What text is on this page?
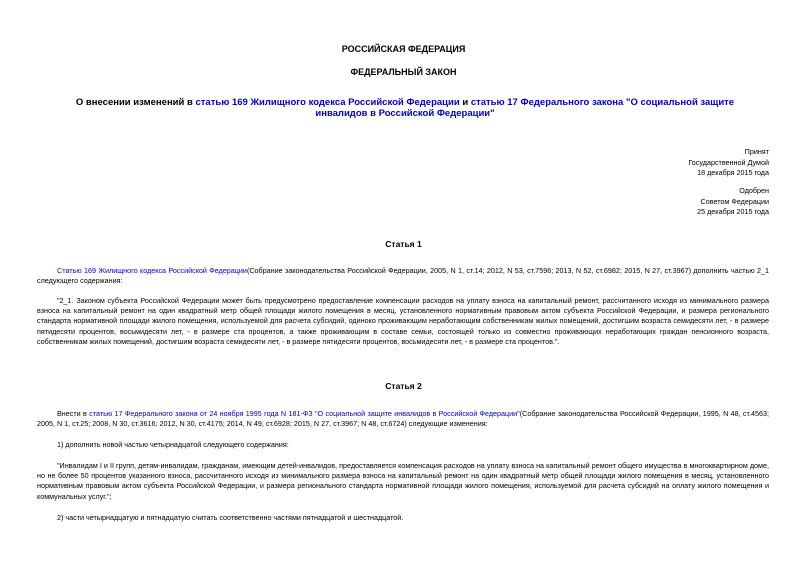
РОССИЙСКАЯ ФЕДЕРАЦИЯ
ФЕДЕРАЛЬНЫЙ ЗАКОН
О внесении изменений в статью 169 Жилищного кодекса Российской Федерации и статью 17 Федерального закона "О социальной защите инвалидов в Российской Федерации"
Принят
Государственной Думой
18 декабря 2015 года
Одобрен
Советом Федерации
25 декабря 2015 года
Статья 1
Статью 169 Жилищного кодекса Российской Федерации(Собрание законодательства Российской Федерации, 2005, N 1, ст.14; 2012, N 53, ст.7596; 2013, N 52, ст.6982; 2015, N 27, ст.3967) дополнить частью 2_1 следующего содержания:
"2_1. Законом субъекта Российской Федерации может быть предусмотрено предоставление компенсации расходов на уплату взноса на капитальный ремонт, рассчитанного исходя из минимального размера взноса на капитальный ремонт на один квадратный метр общей площади жилого помещения в месяц, установленного нормативным правовым актом субъекта Российской Федерации, и размера регионального стандарта нормативной площади жилого помещения, используемой для расчета субсидий, одиноко проживающим неработающим собственникам жилых помещений, достигшим возраста семидесяти лет, - в размере пятидесяти процентов, восьмидесяти лет, - в размере ста процентов, а также проживающим в составе семьи, состоящей только из совместно проживающих неработающих граждан пенсионного возраста, собственникам жилых помещений, достигшим возраста семидесяти лет, - в размере пятидесяти процентов, восьмидесяти лет, - в размере ста процентов.".
Статья 2
Внести в статью 17 Федерального закона от 24 ноября 1995 года N 181-ФЗ "О социальной защите инвалидов в Российской Федерации"(Собрание законодательства Российской Федерации, 1995, N 48, ст.4563; 2005, N 1, ст.25; 2008, N 30, ст.3616; 2012, N 30, ст.4175; 2014, N 49, ст.6928; 2015, N 27, ст.3967; N 48, ст.6724) следующие изменения:
1) дополнить новой частью четырнадцатой следующего содержания:
"Инвалидам I и II групп, детям-инвалидам, гражданам, имеющим детей-инвалидов, предоставляется компенсация расходов на уплату взноса на капитальный ремонт общего имущества в многоквартирном доме, но не более 50 процентов указанного взноса, рассчитанного исходя из минимального размера взноса на капитальный ремонт на один квадратный метр общей площади жилого помещения в месяц, установленного нормативным правовым актом субъекта Российской Федерации, и размера регионального стандарта нормативной площади жилого помещения, используемой для расчета субсидий на оплату жилого помещения и коммунальных услуг.";
2) части четырнадцатую и пятнадцатую считать соответственно частями пятнадцатой и шестнадцатой.
